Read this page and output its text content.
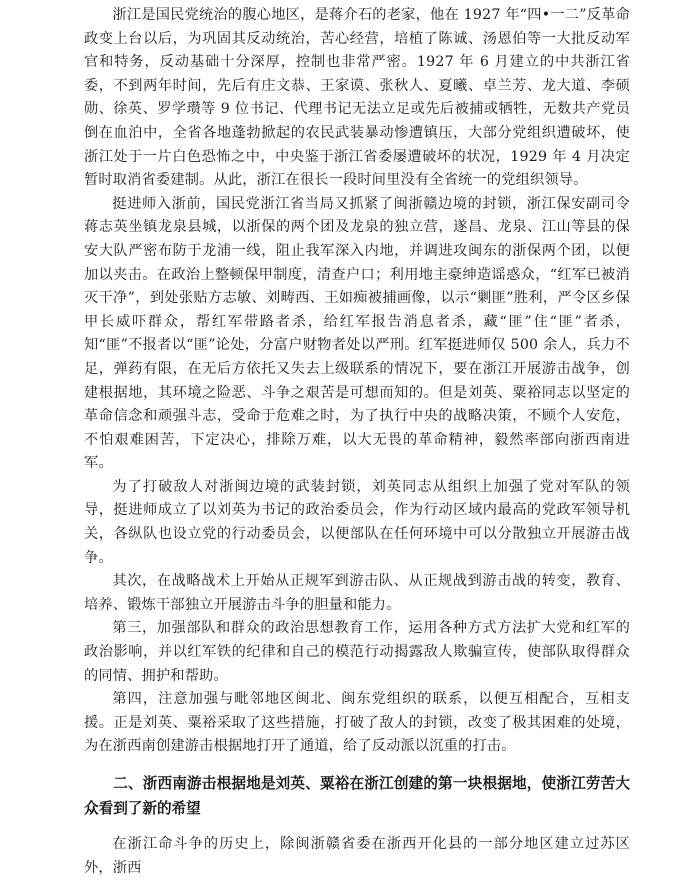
浙江是国民党统治的腹心地区，是蒋介石的老家，他在 1927 年“四•一二”反革命政变上台以后，为巩固其反动统治，苦心经营，培植了陈诚、汤恩伯等一大批反动军官和特务，反动基础十分深厚，控制也非常严密。1927 年 6 月建立的中共浙江省委，不到两年时间，先后有庄文恭、王家谟、张秋人、夏曦、卓兰芳、龙大道、李硕勋、徐英、罗学瓒等 9 位书记、代理书记无法立足或先后被捕或牺牲，无数共产党员倒在血泊中，全省各地蓬勃掀起的农民武装暴动惨遭镇压，大部分党组织遭破坏，使浙江处于一片白色恐怖之中，中央鉴于浙江省委屡遭破坏的状况，1929 年 4 月决定暂时取消省委建制。从此，浙江在很长一段时间里没有全省统一的党组织领导。

挺进师入浙前，国民党浙江省当局又抓紧了闽浙赣边境的封锁，浙江保安副司令蒋志英坐镇龙泉县城，以浙保的两个团及龙泉的独立营，遂昌、龙泉、江山等县的保安大队严密布防于龙浦一线，阻止我军深入内地，并调进攻闽东的浙保两个团，以便加以夹击。在政治上整顿保甲制度，清查户口；利用地主豪绅造谣惑众，“红军已被消灭干净”，到处张贴方志敏、刘畴西、王如痴被捕画像，以示“剿匪”胜利，严令区乡保甲长威吓群众，帮红军带路者杀，给红军报告消息者杀，藏“匪”住“匪”者杀，知“匪”不报者以“匪”论处，分富户财物者处以严刑。红军挺进师仅 500 余人，兵力不足，弹药有限，在无后方依托又失去上级联系的情况下，要在浙江开展游击战争，创建根据地，其环境之险恶、斗争之艰苦是可想而知的。但是刘英、粟裕同志以坚定的革命信念和顽强斗志，受命于危难之时，为了执行中央的战略决策，不顾个人安危，不怕艰难困苦，下定决心，排除万难，以大无畏的革命精神，毅然率部向浙西南进军。

为了打破敌人对浙闽边境的武装封锁，刘英同志从组织上加强了党对军队的领导，挺进师成立了以刘英为书记的政治委员会，作为行动区域内最高的党政军领导机关，各纵队也设立党的行动委员会，以便部队在任何环境中可以分散独立开展游击战争。

其次，在战略战术上开始从正规军到游击队、从正规战到游击战的转变，教育、培养、锻炼干部独立开展游击斗争的胆量和能力。

第三，加强部队和群众的政治思想教育工作，运用各种方式方法扩大党和红军的政治影响，并以红军铁的纪律和自己的模范行动揭露敌人欺骗宣传，使部队取得群众的同情、拥护和帮助。

第四，注意加强与毗邻地区闽北、闽东党组织的联系，以便互相配合，互相支援。正是刘英、粟裕采取了这些措施，打破了敌人的封锁，改变了极其困难的处境，为在浙西南创建游击根据地打开了通道，给了反动派以沉重的打击。

二、浙西南游击根据地是刘英、粟裕在浙江创建的第一块根据地，使浙江劳苦大众看到了新的希望

在浙江命斗争的历史上，除闽浙赣省委在浙西开化县的一部分地区建立过苏区外，浙西
